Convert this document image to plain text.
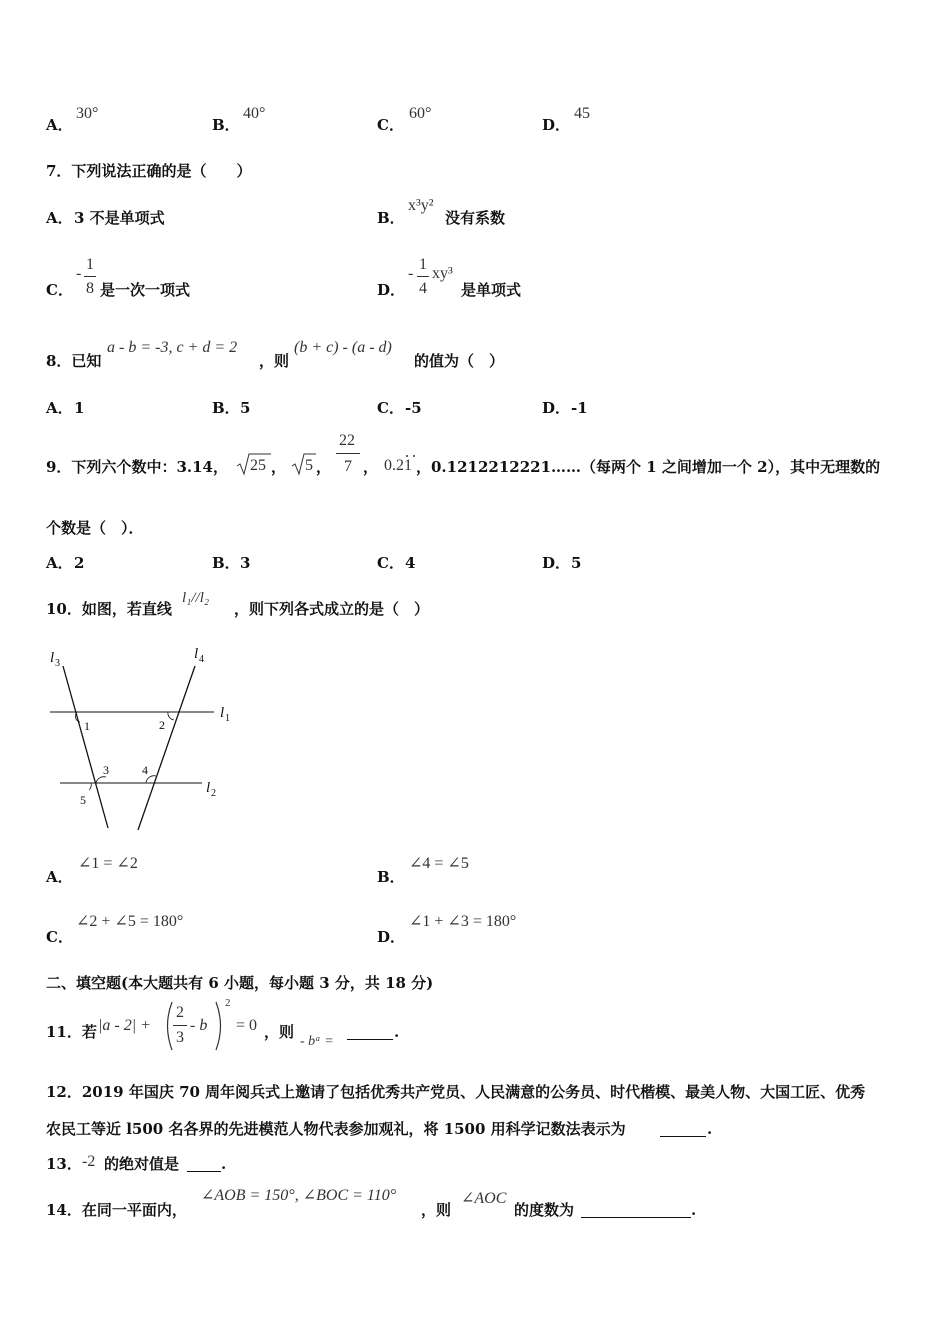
A．
30°
B．
40°
C．
60°
D．
45
7．下列说法正确的是（　　）
A． 3 不是单项式	B．
x³y²
没有系数
C．
-
1
8 是一次一项式	D．
-
1
4
xy³
是单项式
8．已知
a - b = -3, c + d = 2
，则
(b + c) - (a - d)
的值为（　）
A． 1	B． 5	C． -5	D． -1
9．下列六个数中：3.14， 25 ， 5 ，
22
7 ， 0.21 ，0.1212212221……（每两个 1 之间增加一个 2），其中无理数的
个数是（　）．
A． 2	B． 3	C． 4	D． 5
10．如图，若直线
l₁//l₂
，则下列各式成立的是（　）
l 3
l 4
l 1
l 2
1	2
3	4
5
A．
∠1 = ∠2
B．
∠4 = ∠5
C．
∠2 + ∠5 = 180°
D．
∠1 + ∠3 = 180°
二、填空题(本大题共有 6 小题，每小题 3 分，共 18 分)
11．若 |a - 2| +
2
3
- b
2
= 0 ，则
- bᵃ =
.
12．2019 年国庆 70 周年阅兵式上邀请了包括优秀共产党员、人民满意的公务员、时代楷模、最美人物、大国工匠、优秀
农民工等近 l500 名各界的先进模范人物代表参加观礼，将 1500 用科学记数法表示为	.
13． -2 的绝对值是	.
14．在同一平面内，
∠AOB = 150°, ∠BOC = 110°
，则
∠AOC
的度数为	.
